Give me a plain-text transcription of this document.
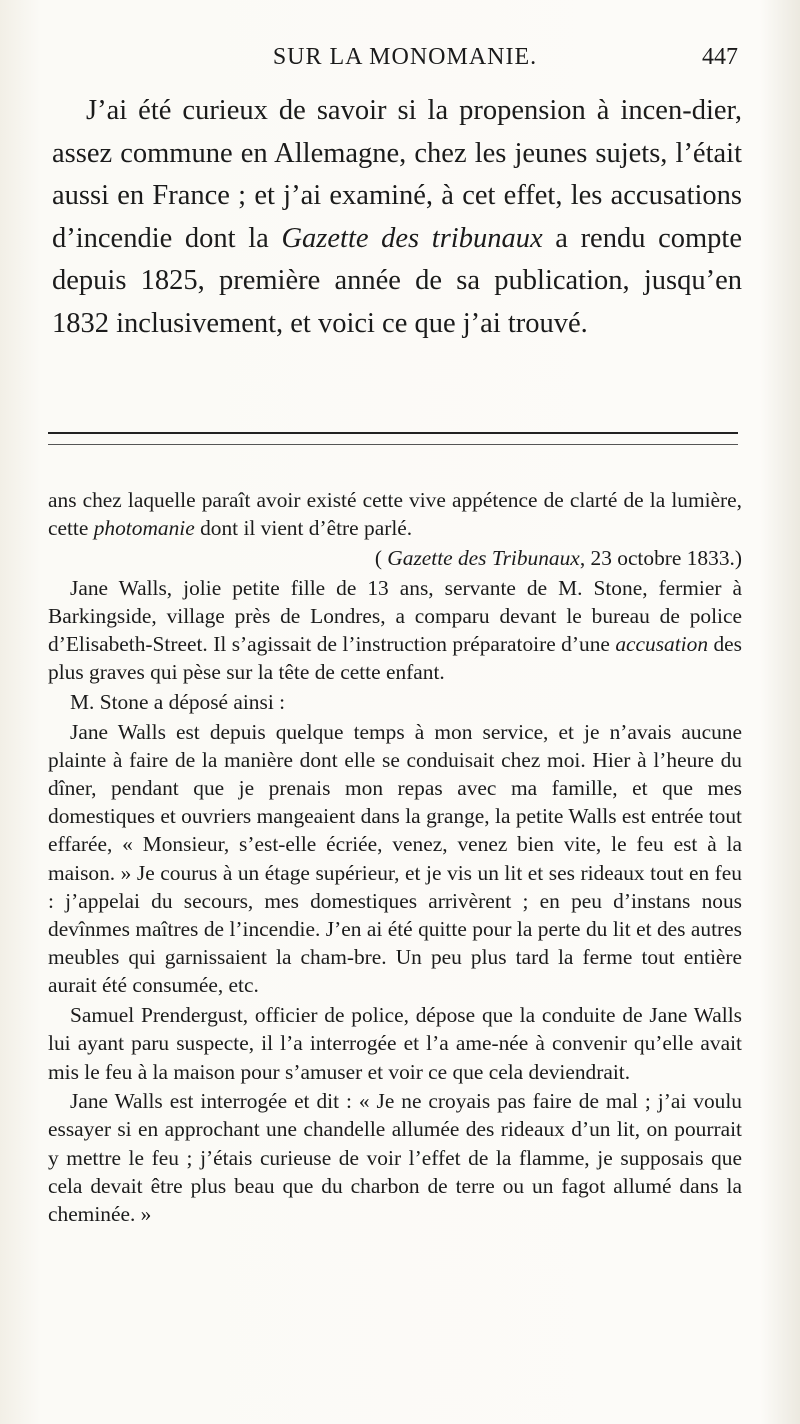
SUR LA MONOMANIE.	447

J’ai été curieux de savoir si la propension à incen-dier, assez commune en Allemagne, chez les jeunes sujets, l’était aussi en France ; et j’ai examiné, à cet effet, les accusations d’incendie dont la Gazette des tribunaux a rendu compte depuis 1825, première année de sa publication, jusqu’en 1832 inclusivement, et voici ce que j’ai trouvé.

ans chez laquelle paraît avoir existé cette vive appétence de clarté de la lumière, cette photomanie dont il vient d’être parlé.

( Gazette des Tribunaux, 23 octobre 1833.)

Jane Walls, jolie petite fille de 13 ans, servante de M. Stone, fermier à Barkingside, village près de Londres, a comparu devant le bureau de police d’Elisabeth-Street. Il s’agissait de l’instruction préparatoire d’une accusation des plus graves qui pèse sur la tête de cette enfant.

M. Stone a déposé ainsi :

Jane Walls est depuis quelque temps à mon service, et je n’avais aucune plainte à faire de la manière dont elle se conduisait chez moi. Hier à l’heure du dîner, pendant que je prenais mon repas avec ma famille, et que mes domestiques et ouvriers mangeaient dans la grange, la petite Walls est entrée tout effarée, « Monsieur, s’est-elle écriée, venez, venez bien vite, le feu est à la maison. » Je courus à un étage supérieur, et je vis un lit et ses rideaux tout en feu : j’appelai du secours, mes domestiques arrivèrent ; en peu d’instans nous devînmes maîtres de l’incendie. J’en ai été quitte pour la perte du lit et des autres meubles qui garnissaient la cham-bre. Un peu plus tard la ferme tout entière aurait été consumée, etc.

Samuel Prendergust, officier de police, dépose que la conduite de Jane Walls lui ayant paru suspecte, il l’a interrogée et l’a ame-née à convenir qu’elle avait mis le feu à la maison pour s’amuser et voir ce que cela deviendrait.

Jane Walls est interrogée et dit : « Je ne croyais pas faire de mal ; j’ai voulu essayer si en approchant une chandelle allumée des rideaux d’un lit, on pourrait y mettre le feu ; j’étais curieuse de voir l’effet de la flamme, je supposais que cela devait être plus beau que du charbon de terre ou un fagot allumé dans la cheminée. »
